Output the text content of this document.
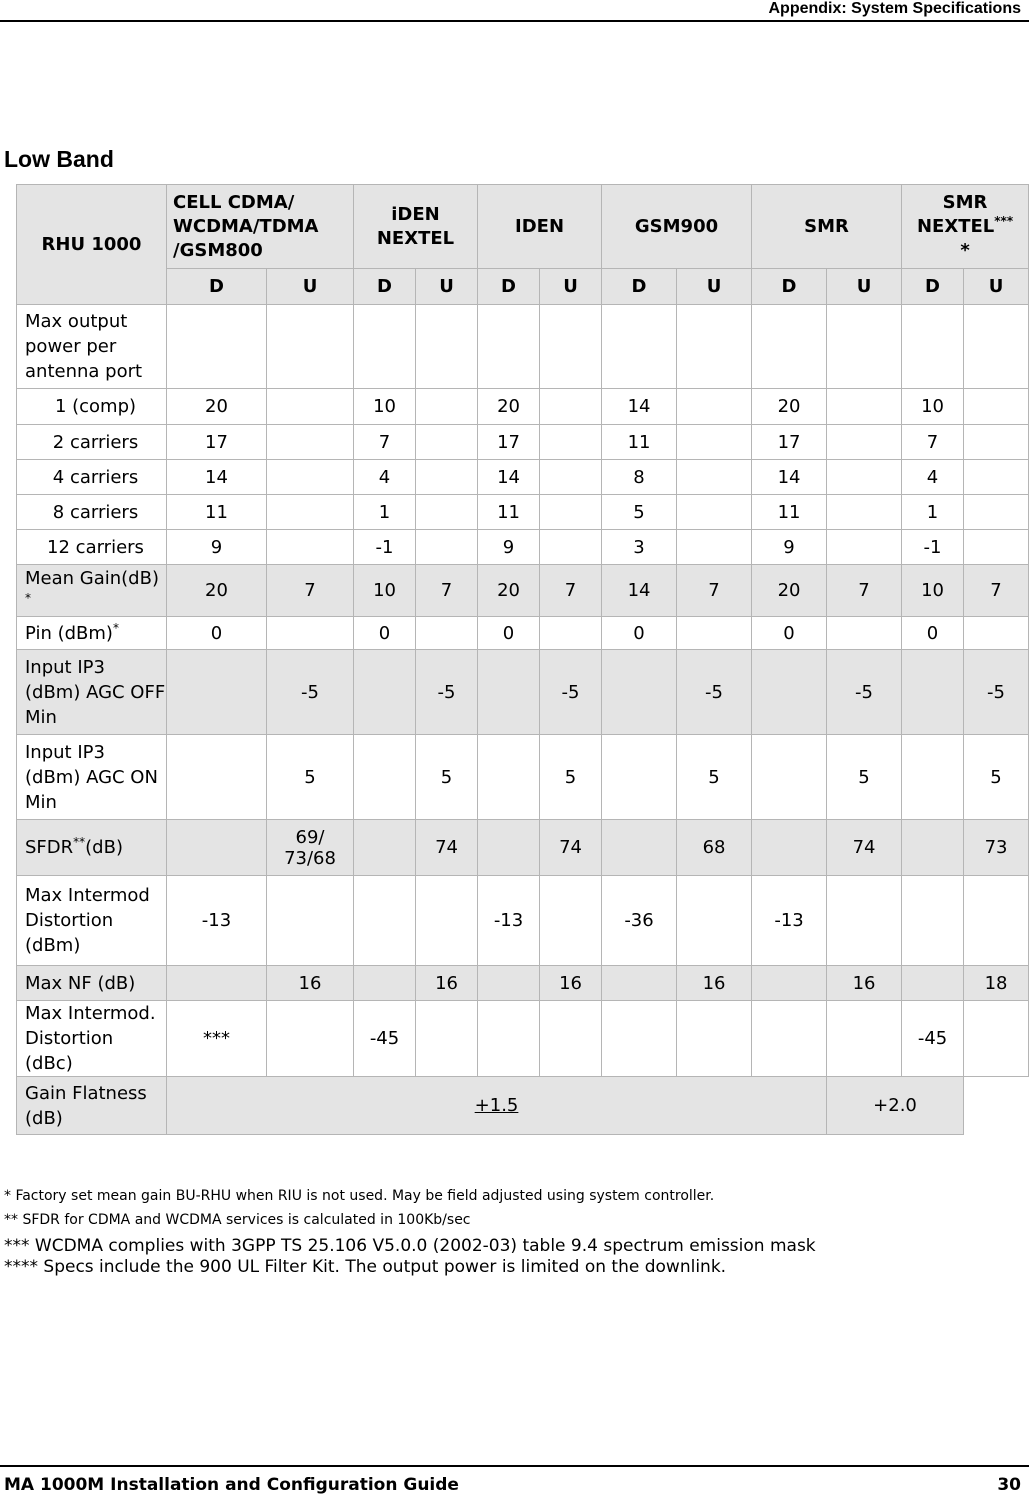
Appendix: System Specifications
Low Band
RHU 1000	CELL CDMA/ WCDMA/TDMA /GSM800		iDEN NEXTEL		IDEN		GSM900		SMR		SMR NEXTEL***
*	
	D	U	D	U	D	U	D	U	D	U	D	U
Max output power per antenna port												
1 (comp)	20		10		20		14		20		10	
2 carriers	17		7		17		11		17		7	
4 carriers	14		4		14		8		14		4	
8 carriers	11		1		11		5		11		1	
12 carriers	9		-1		9		3		9		-1	
Mean Gain(dB) *	20	7	10	7	20	7	14	7	20	7	10	7
Pin (dBm)*	0		0		0		0		0		0	
Input IP3 (dBm) AGC OFF Min		-5		-5		-5		-5		-5		-5
Input IP3 (dBm) AGC ON Min		5		5		5		5		5		5
SFDR**(dB)		69/ 73/68		74		74		68		74		73
Max Intermod Distortion (dBm)	-13				-13		-36		-13			
Max NF (dB)		16		16		16		16		16		18
Max Intermod. Distortion (dBc)	***		-45								-45	
Gain Flatness (dB)	+1.5									+2.0		
* Factory set mean gain BU-RHU when RIU is not used. May be field adjusted using system controller.
** SFDR for CDMA and WCDMA services is calculated in 100Kb/sec
*** WCDMA complies with 3GPP TS 25.106 V5.0.0 (2002-03) table 9.4 spectrum emission mask
**** Specs include the 900 UL Filter Kit. The output power is limited on the downlink.
MA 1000M Installation and Configuration Guide	30
